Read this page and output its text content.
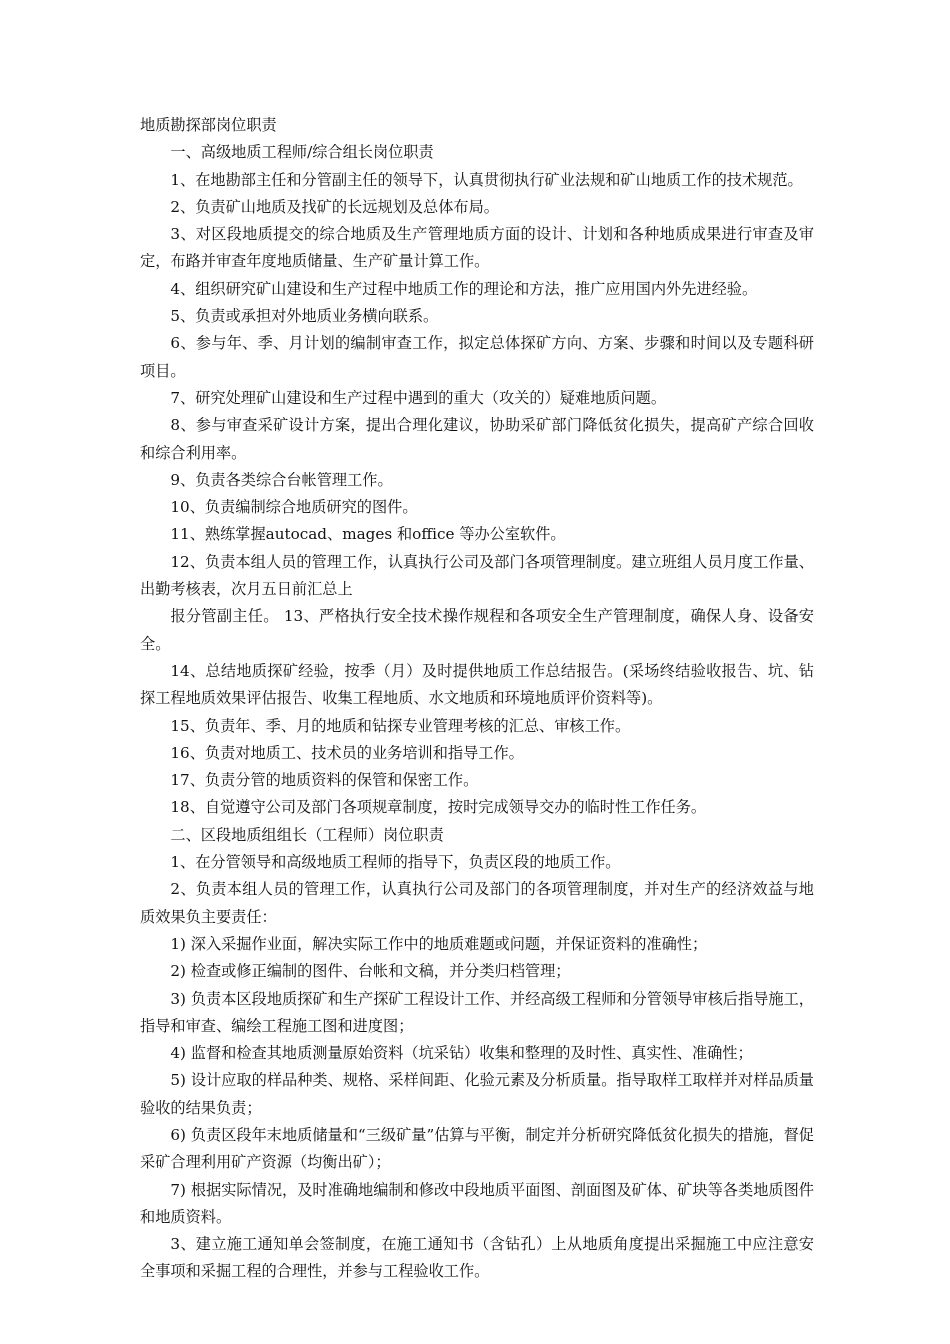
地质勘探部岗位职责

一、高级地质工程师/综合组长岗位职责

1、在地勘部主任和分管副主任的领导下，认真贯彻执行矿业法规和矿山地质工作的技术规范。

2、负责矿山地质及找矿的长远规划及总体布局。

3、对区段地质提交的综合地质及生产管理地质方面的设计、计划和各种地质成果进行审查及审定，布路并审查年度地质储量、生产矿量计算工作。

4、组织研究矿山建设和生产过程中地质工作的理论和方法，推广应用国内外先进经验。

5、负责或承担对外地质业务横向联系。

6、参与年、季、月计划的编制审查工作，拟定总体探矿方向、方案、步骤和时间以及专题科研项目。

7、研究处理矿山建设和生产过程中遇到的重大（攻关的）疑难地质问题。

8、参与审查采矿设计方案，提出合理化建议，协助采矿部门降低贫化损失，提高矿产综合回收和综合利用率。

9、负责各类综合台帐管理工作。

10、负责编制综合地质研究的图件。

11、熟练掌握autocad、mages 和office 等办公室软件。

12、负责本组人员的管理工作，认真执行公司及部门各项管理制度。建立班组人员月度工作量、出勤考核表，次月五日前汇总上

报分管副主任。 13、严格执行安全技术操作规程和各项安全生产管理制度，确保人身、设备安全。

14、总结地质探矿经验，按季（月）及时提供地质工作总结报告。(采场终结验收报告、坑、钻探工程地质效果评估报告、收集工程地质、水文地质和环境地质评价资料等)。

15、负责年、季、月的地质和钻探专业管理考核的汇总、审核工作。

16、负责对地质工、技术员的业务培训和指导工作。

17、负责分管的地质资料的保管和保密工作。

18、自觉遵守公司及部门各项规章制度，按时完成领导交办的临时性工作任务。

二、区段地质组组长（工程师）岗位职责

1、在分管领导和高级地质工程师的指导下，负责区段的地质工作。

2、负责本组人员的管理工作，认真执行公司及部门的各项管理制度，并对生产的经济效益与地质效果负主要责任：

1) 深入采掘作业面，解决实际工作中的地质难题或问题，并保证资料的准确性；

2) 检查或修正编制的图件、台帐和文稿，并分类归档管理；

3) 负责本区段地质探矿和生产探矿工程设计工作、并经高级工程师和分管领导审核后指导施工，指导和审查、编绘工程施工图和进度图；

4) 监督和检查其地质测量原始资料（坑采钻）收集和整理的及时性、真实性、准确性；

5) 设计应取的样品种类、规格、采样间距、化验元素及分析质量。指导取样工取样并对样品质量验收的结果负责；

6) 负责区段年末地质储量和“三级矿量”估算与平衡，制定并分析研究降低贫化损失的措施，督促采矿合理利用矿产资源（均衡出矿）；

7) 根据实际情况，及时准确地编制和修改中段地质平面图、剖面图及矿体、矿块等各类地质图件和地质资料。

3、建立施工通知单会签制度，在施工通知书（含钻孔）上从地质角度提出采掘施工中应注意安全事项和采掘工程的合理性，并参与工程验收工作。
